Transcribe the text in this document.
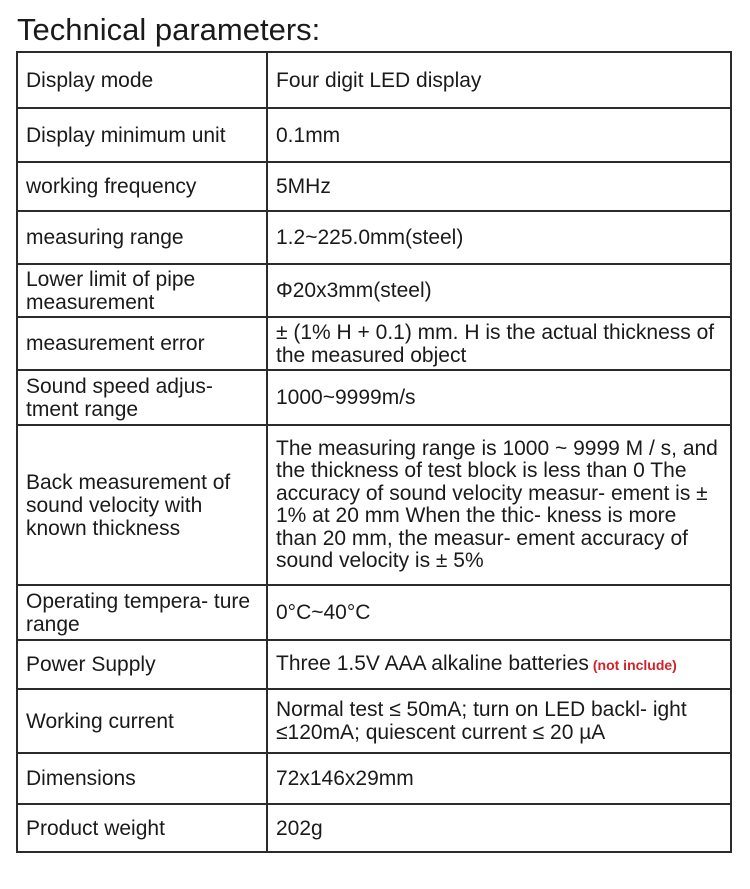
Technical parameters:
Display mode	Four digit LED display
Display minimum unit	0.1mm
working frequency	5MHz
measuring range	1.2~225.0mm(steel)
Lower limit of pipe measurement	Φ20x3mm(steel)
measurement error	± (1% H + 0.1) mm. H is the actual thickness of the measured object
Sound speed adjus- tment range	1000~9999m/s
Back measurement of sound velocity with known thickness	The measuring range is 1000 ~ 9999 M / s, and the thickness of test block is less than 0 The accuracy of sound velocity measur- ement is ± 1% at 20 mm When the thic- kness is more than 20 mm, the measur- ement accuracy of sound velocity is ± 5%
Operating tempera- ture range	0°C~40°C
Power Supply	Three 1.5V AAA alkaline batteries (not include)
Working current	Normal test ≤ 50mA; turn on LED backl- ight ≤120mA; quiescent current ≤ 20 µA
Dimensions	72x146x29mm
Product weight	202g
